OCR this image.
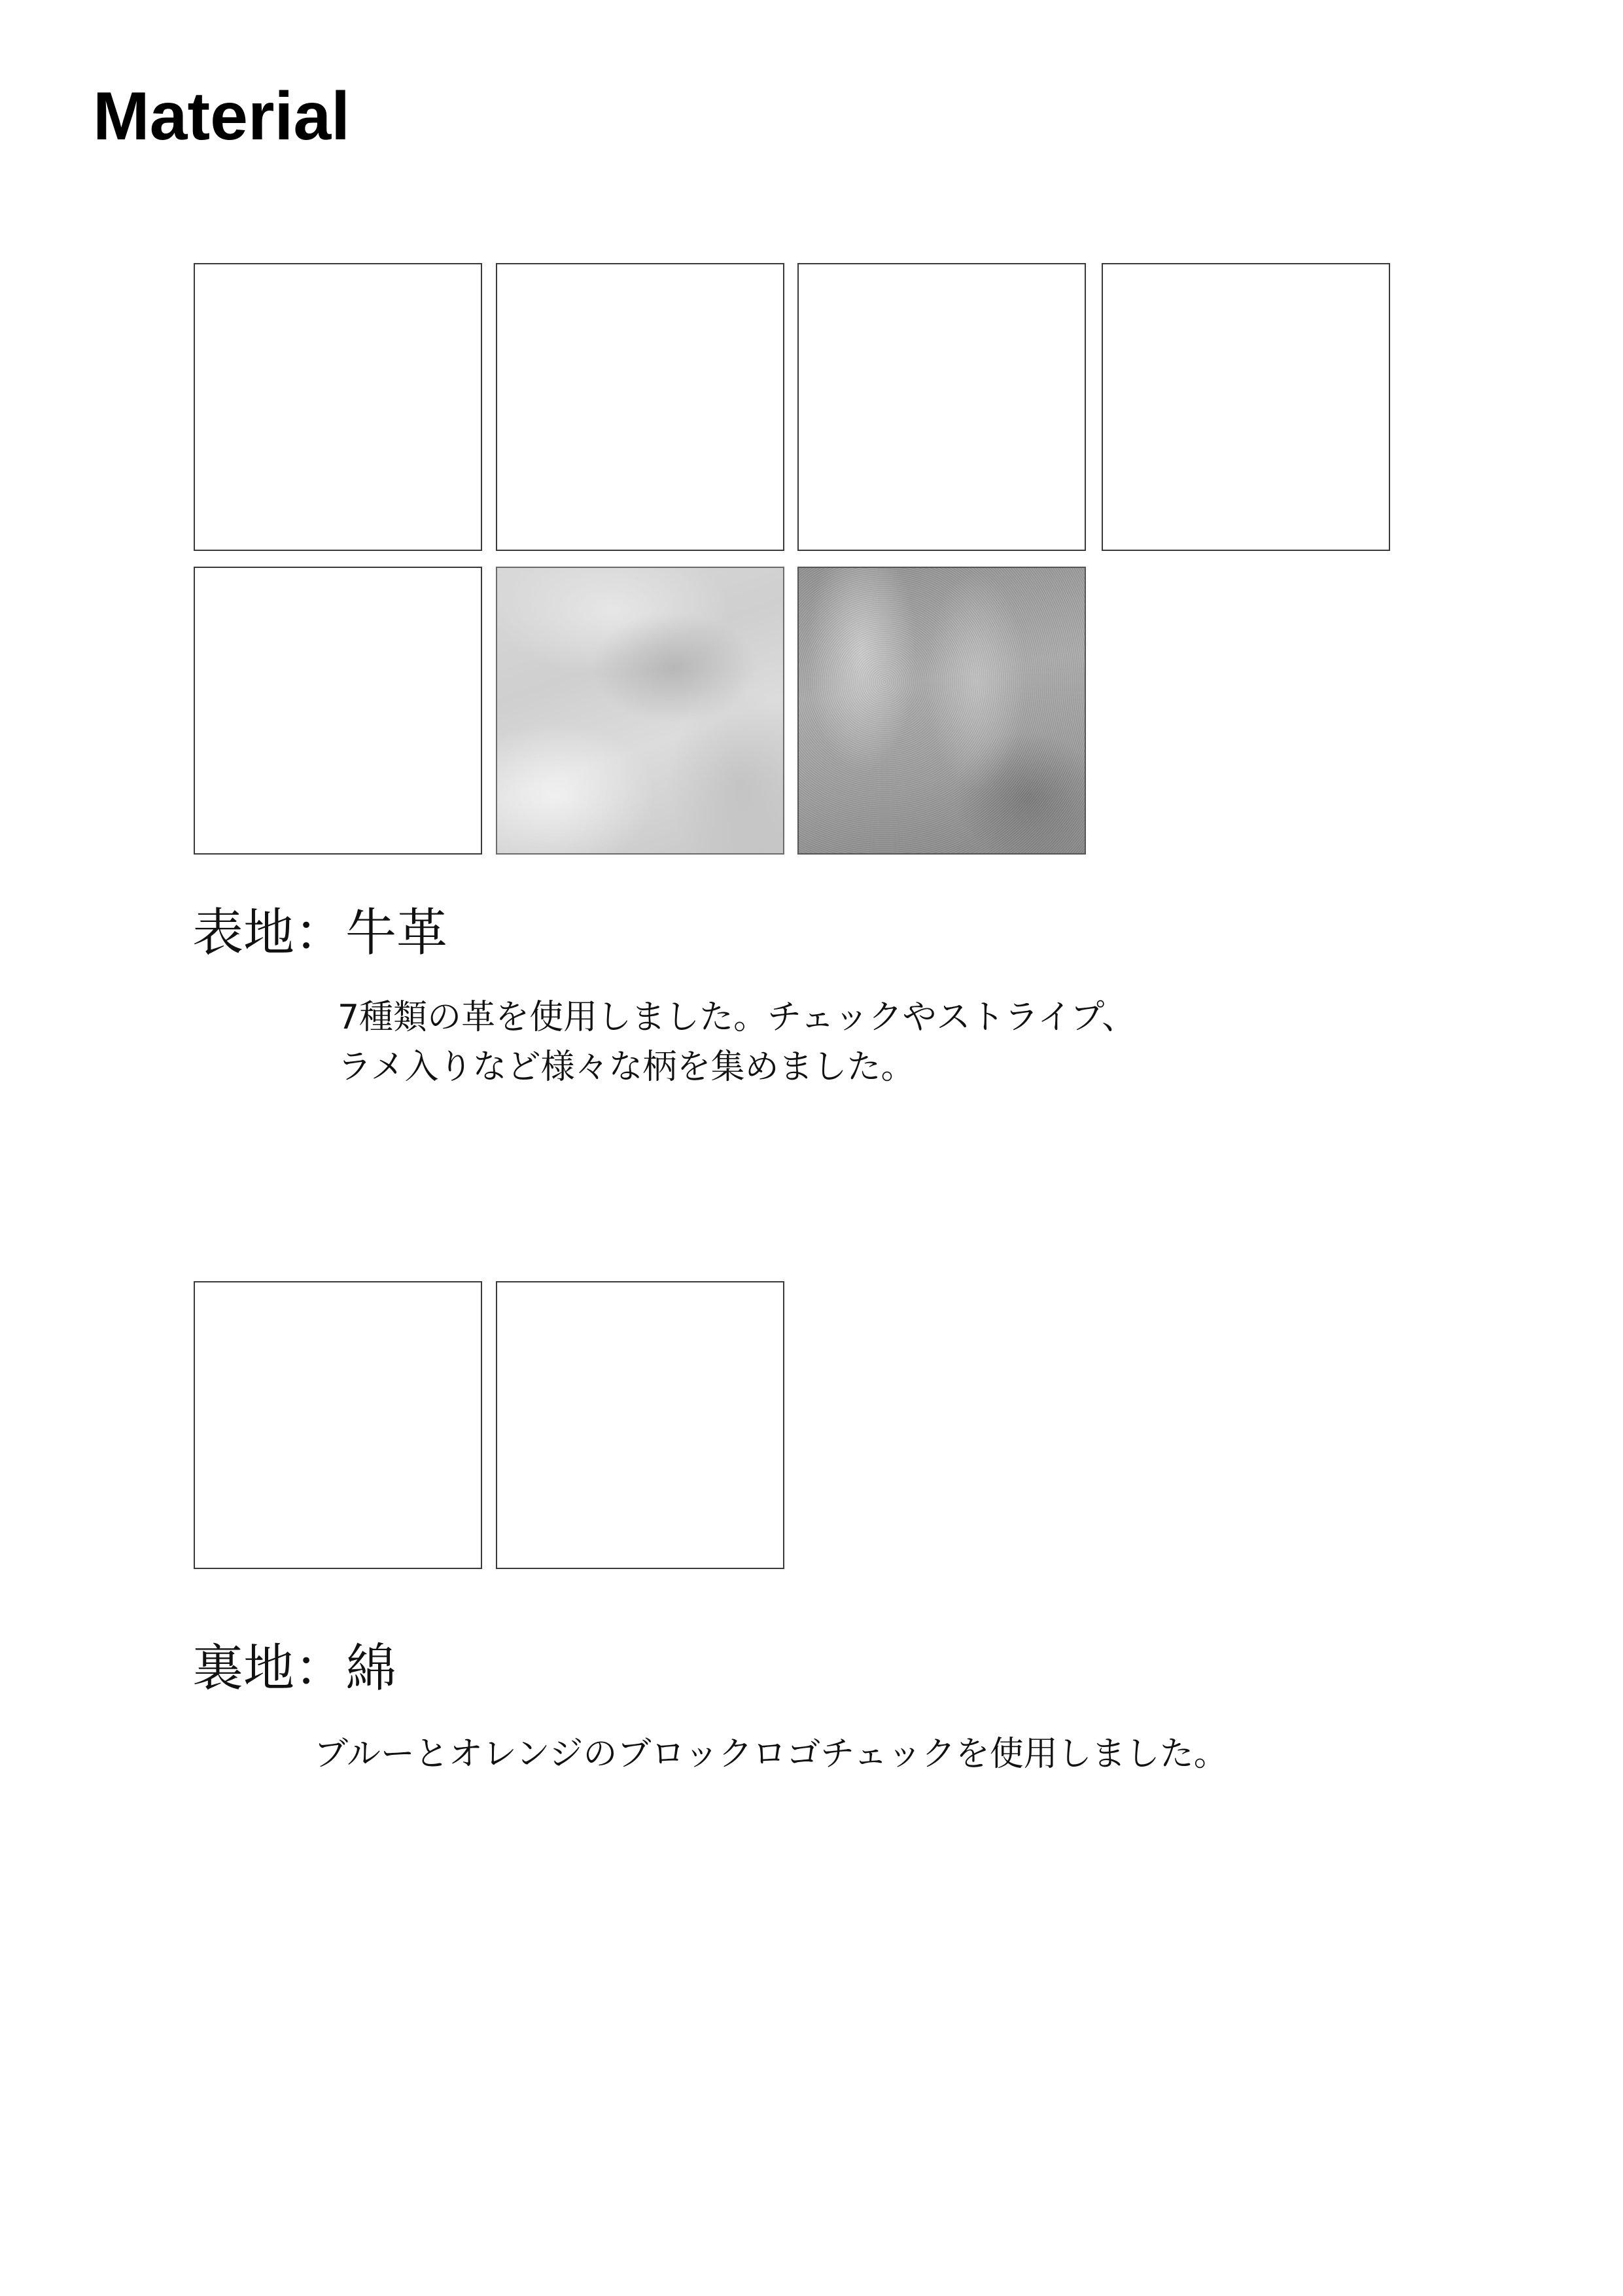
Material
表地：牛革

7種類の革を使用しました。チェックやストライプ、

ラメ入りなど様々な柄を集めました。

裏地：綿

ブルーとオレンジのブロックロゴチェックを使用しました。
